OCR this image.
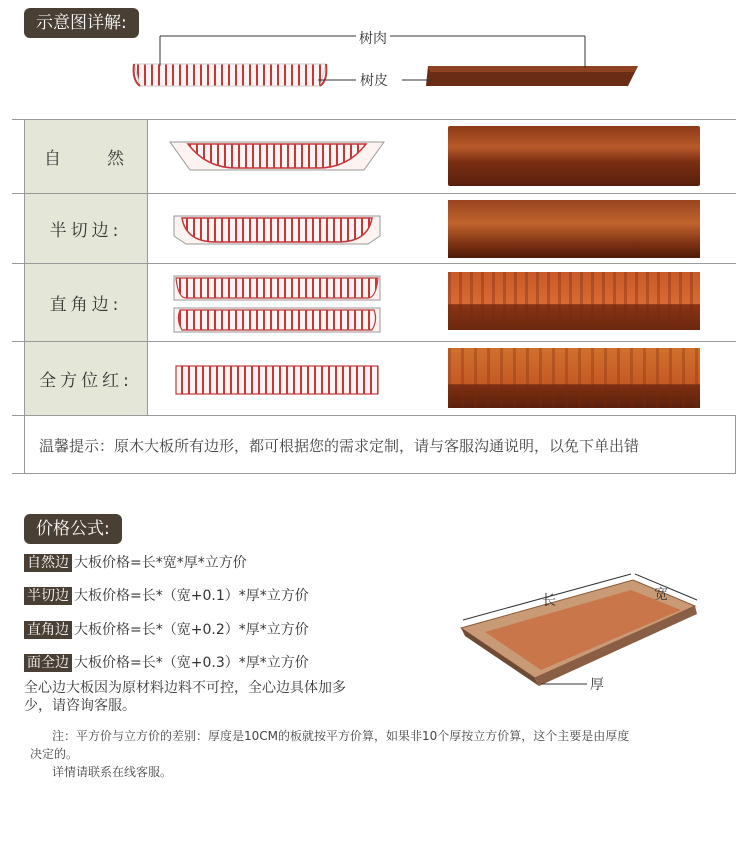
示意图详解:
树肉
树皮
自　　然
半切边:
直角边:
全方位红:
温馨提示：原木大板所有边形，都可根据您的需求定制，请与客服沟通说明，以免下单出错
价格公式:
自然边 大板价格=长*宽*厚*立方价
半切边 大板价格=长*（宽+0.1）*厚*立方价
直角边 大板价格=长*（宽+0.2）*厚*立方价
面全边 大板价格=长*（宽+0.3）*厚*立方价
全心边大板因为原材料边料不可控，全心边具体加多
少，请咨询客服。
长	宽
厚
注：平方价与立方价的差别：厚度是10CM的板就按平方价算，如果非10个厚按立方价算，这个主要是由厚度
决定的。
详情请联系在线客服。
